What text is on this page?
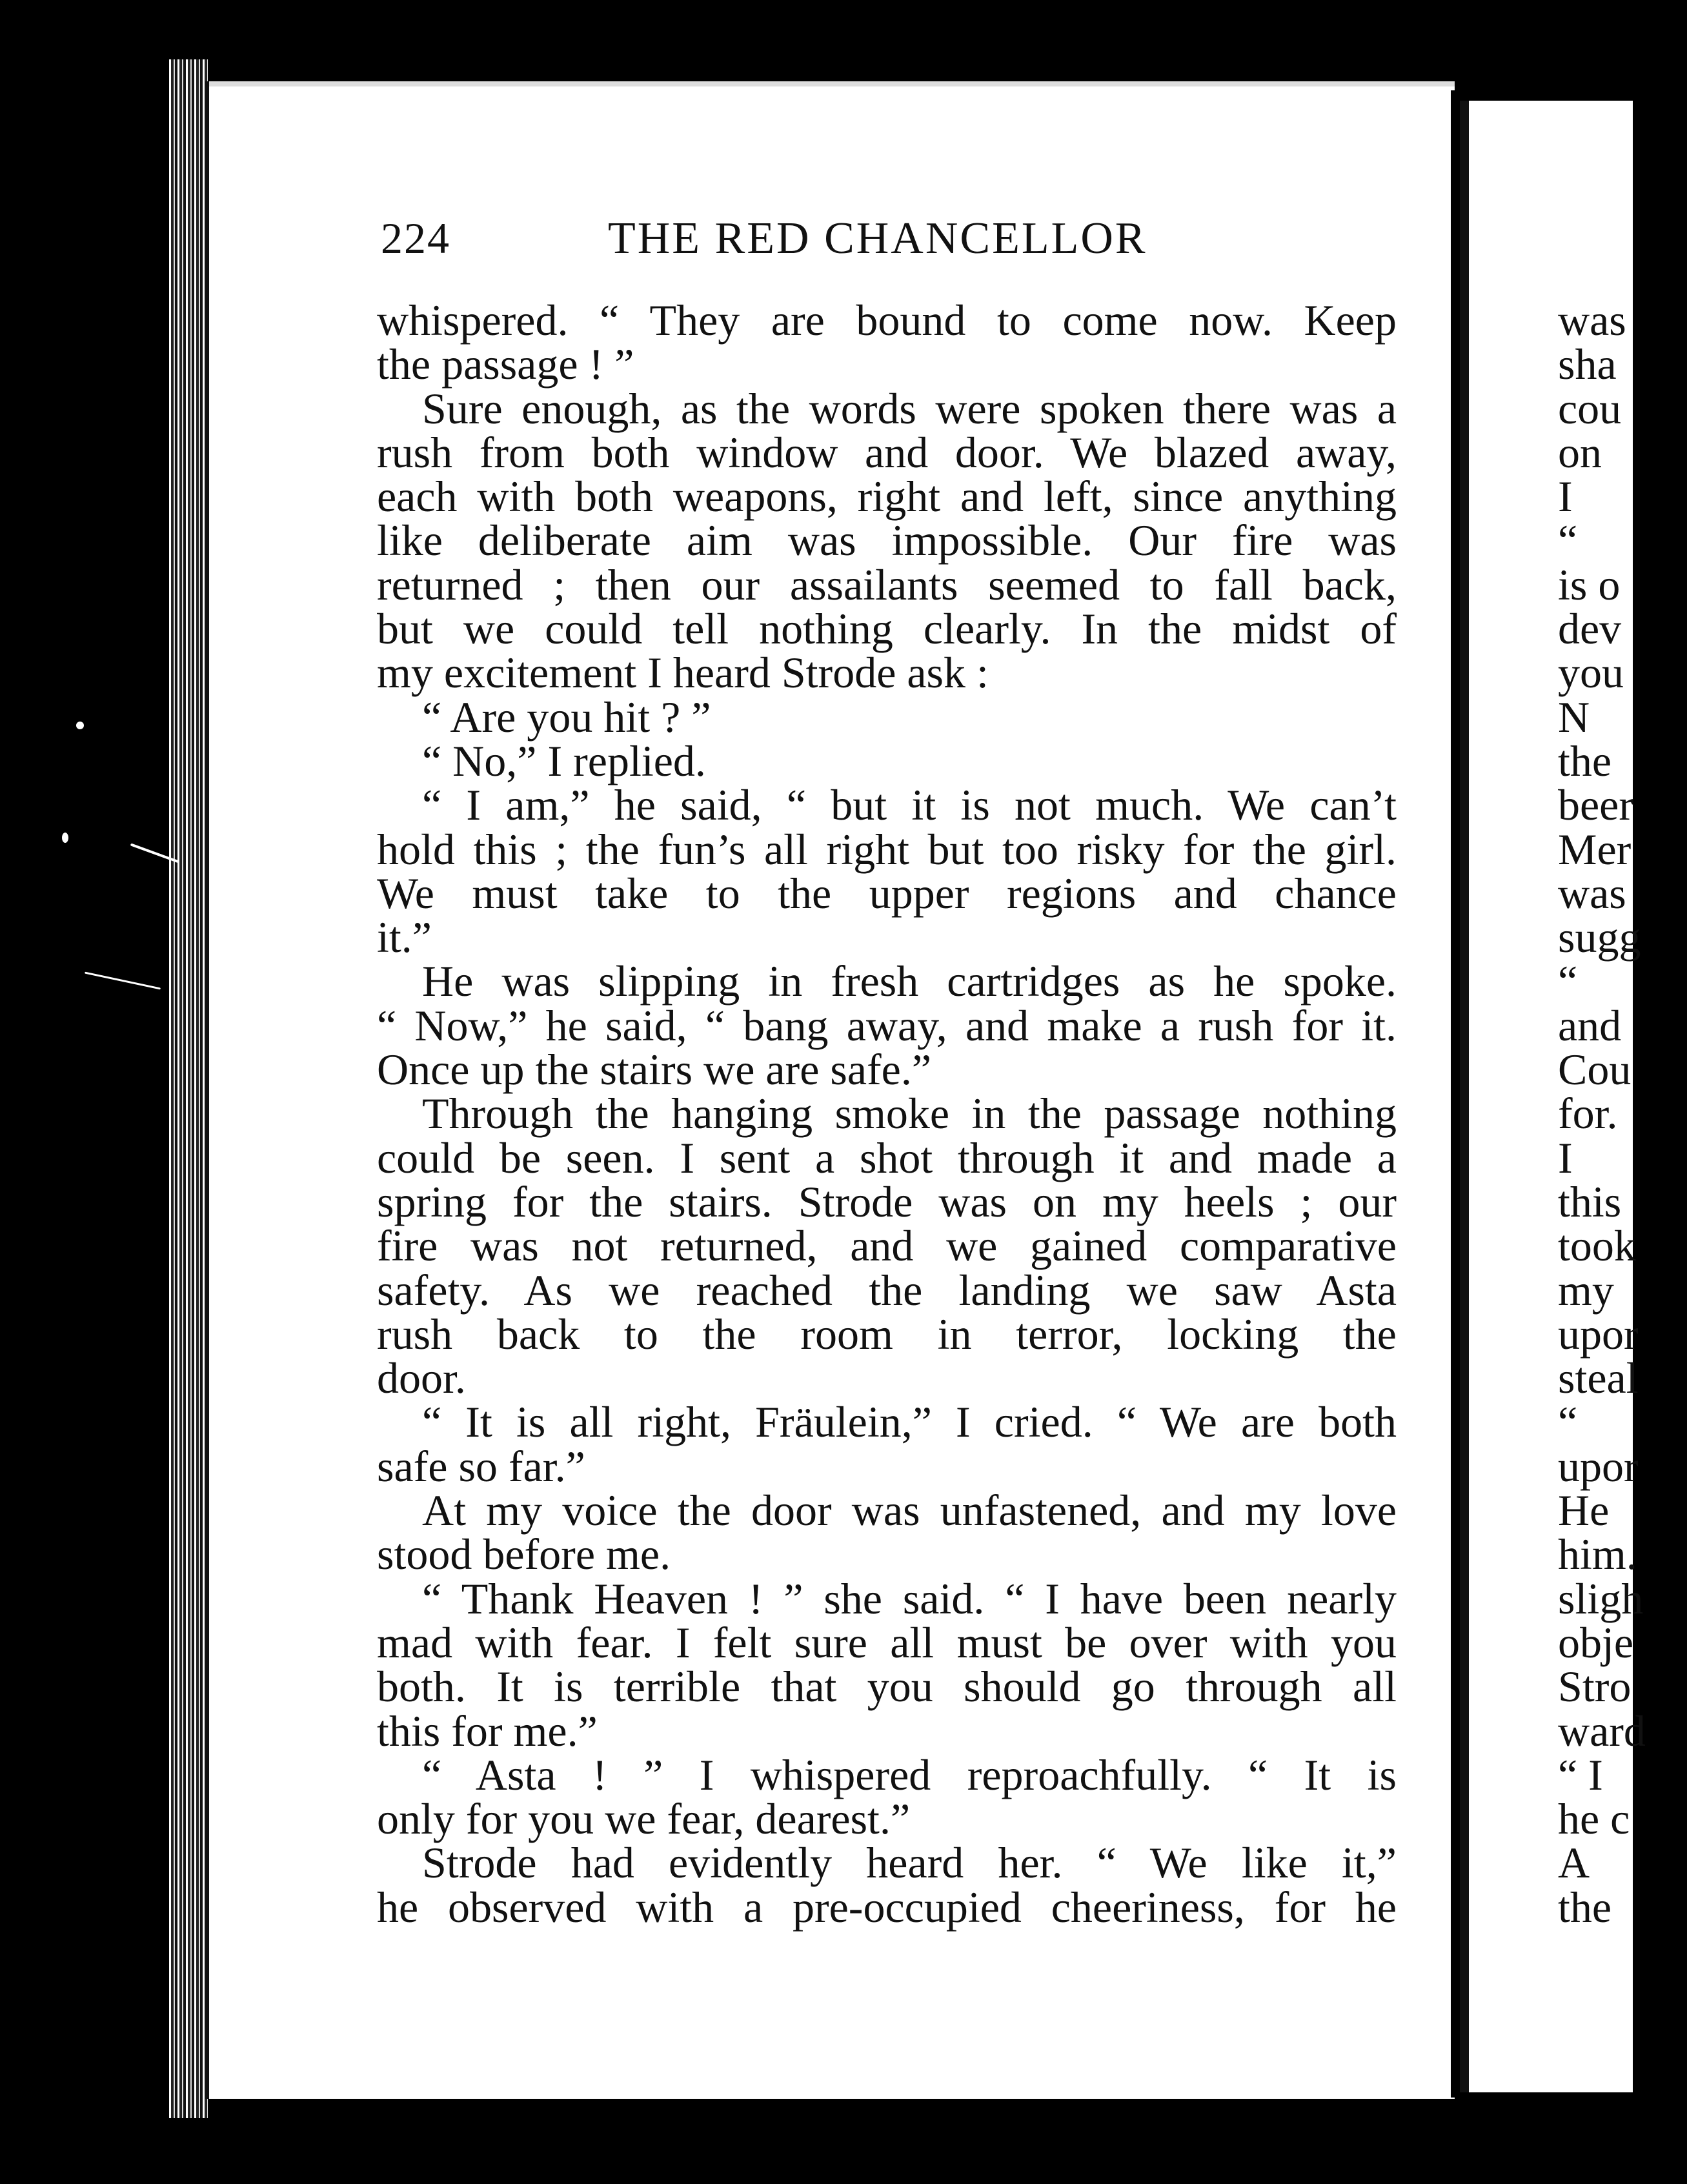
224	THE RED CHANCELLOR
whispered. “ They are bound to come now. Keep
the passage ! ”
Sure enough, as the words were spoken there was a
rush from both window and door. We blazed away,
each with both weapons, right and left, since anything
like deliberate aim was impossible. Our fire was
returned ; then our assailants seemed to fall back,
but we could tell nothing clearly. In the midst of
my excitement I heard Strode ask :
“ Are you hit ? ”
“ No,” I replied.
“ I am,” he said, “ but it is not much. We can’t
hold this ; the fun’s all right but too risky for the girl.
We must take to the upper regions and chance
it.”
He was slipping in fresh cartridges as he spoke.
“ Now,” he said, “ bang away, and make a rush for it.
Once up the stairs we are safe.”
Through the hanging smoke in the passage nothing
could be seen. I sent a shot through it and made a
spring for the stairs. Strode was on my heels ; our
fire was not returned, and we gained comparative
safety. As we reached the landing we saw Asta
rush back to the room in terror, locking the
door.
“ It is all right, Fräulein,” I cried. “ We are both
safe so far.”
At my voice the door was unfastened, and my love
stood before me.
“ Thank Heaven ! ” she said. “ I have been nearly
mad with fear. I felt sure all must be over with you
both. It is terrible that you should go through all
this for me.”
“ Asta ! ” I whispered reproachfully. “ It is
only for you we fear, dearest.”
Strode had evidently heard her. “ We like it,”
he observed with a pre-occupied cheeriness, for he
was
sha
cou
on
I
“
is o
dev
you
N
the
beer
Mer
was
sugg
“
and
Cou
for.
I
this
took
my
upor
steal
“
upor
He
him.
sligh
obje
Stro
ward
“ I
he c
A
the
